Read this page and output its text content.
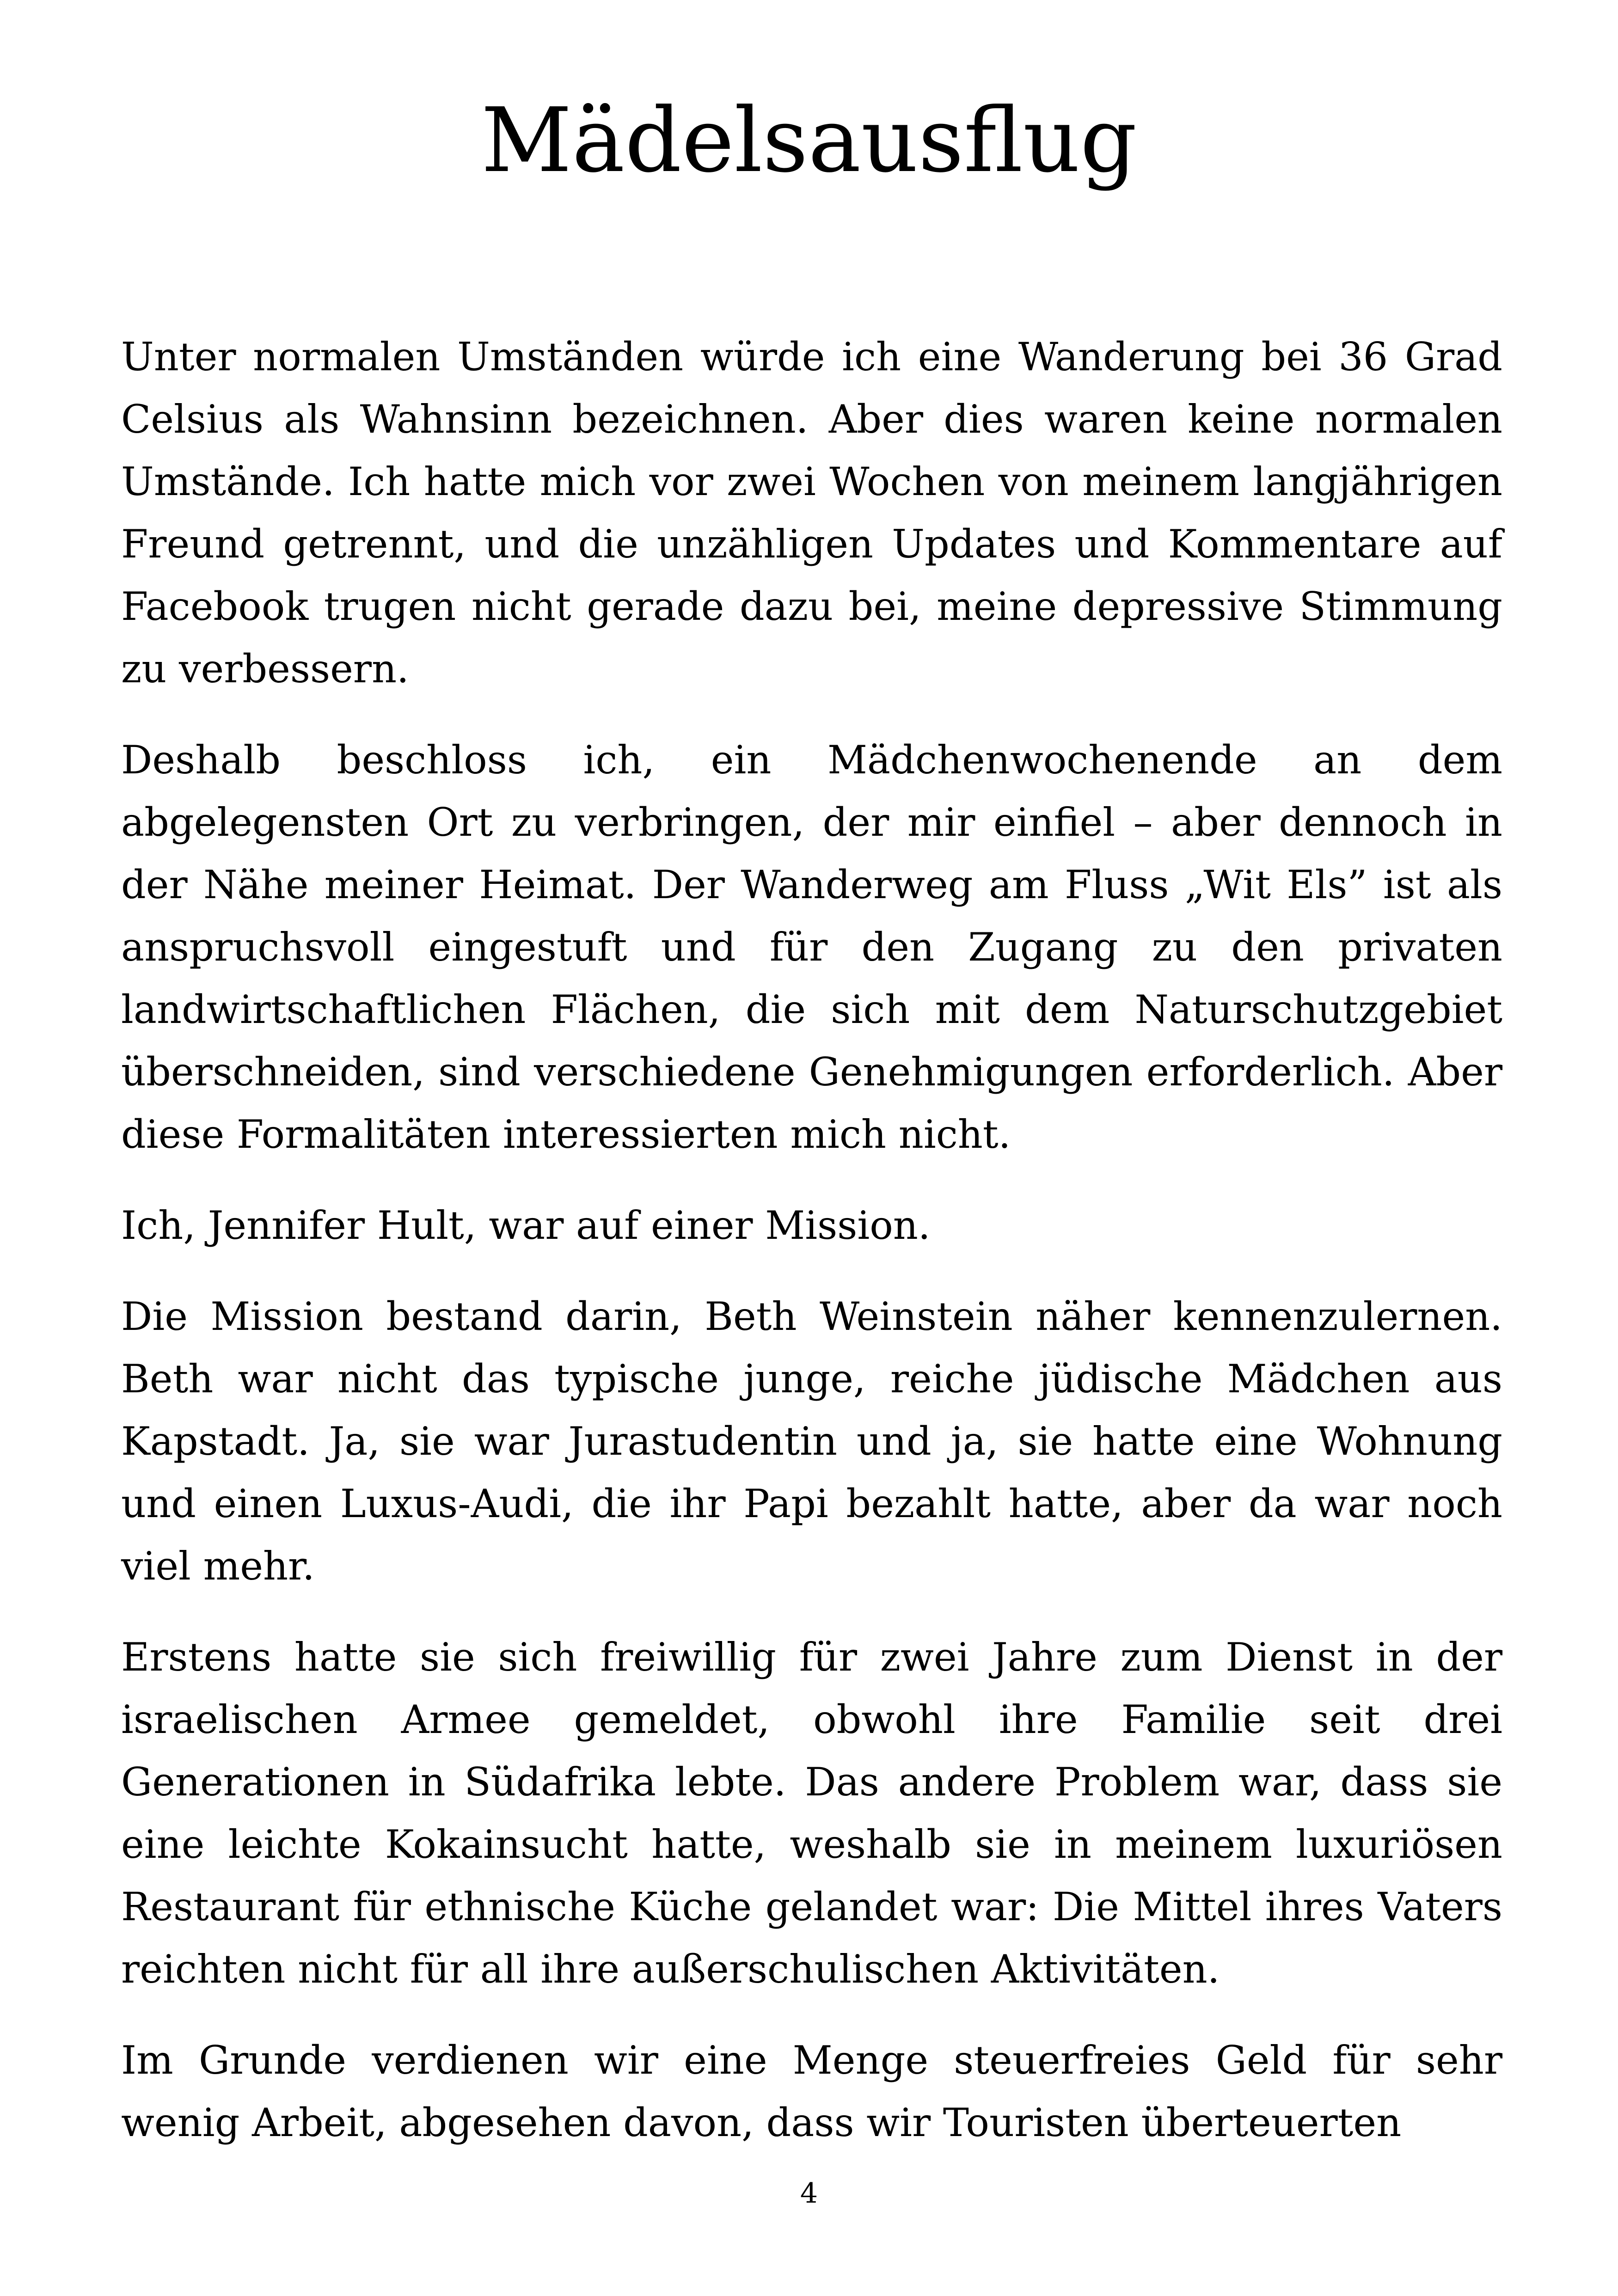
Mädelsausflug

Unter normalen Umständen würde ich eine Wanderung bei 36 Grad Celsius als Wahnsinn bezeichnen. Aber dies waren keine normalen Umstände. Ich hatte mich vor zwei Wochen von meinem langjährigen Freund getrennt, und die unzähligen Updates und Kommentare auf Facebook trugen nicht gerade dazu bei, meine depressive Stimmung zu verbessern.

Deshalb beschloss ich, ein Mädchenwochenende an dem abgelegensten Ort zu verbringen, der mir einfiel – aber dennoch in der Nähe meiner Heimat. Der Wanderweg am Fluss „Wit Els” ist als anspruchsvoll eingestuft und für den Zugang zu den privaten landwirtschaftlichen Flächen, die sich mit dem Naturschutzgebiet überschneiden, sind verschiedene Genehmigungen erforderlich. Aber diese Formalitäten interessierten mich nicht.

Ich, Jennifer Hult, war auf einer Mission.

Die Mission bestand darin, Beth Weinstein näher kennenzulernen. Beth war nicht das typische junge, reiche jüdische Mädchen aus Kapstadt. Ja, sie war Jurastudentin und ja, sie hatte eine Wohnung und einen Luxus-Audi, die ihr Papi bezahlt hatte, aber da war noch viel mehr.

Erstens hatte sie sich freiwillig für zwei Jahre zum Dienst in der israelischen Armee gemeldet, obwohl ihre Familie seit drei Generationen in Südafrika lebte. Das andere Problem war, dass sie eine leichte Kokainsucht hatte, weshalb sie in meinem luxuriösen Restaurant für ethnische Küche gelandet war: Die Mittel ihres Vaters reichten nicht für all ihre außerschulischen Aktivitäten.

Im Grunde verdienen wir eine Menge steuerfreies Geld für sehr wenig Arbeit, abgesehen davon, dass wir Touristen überteuerten

4
